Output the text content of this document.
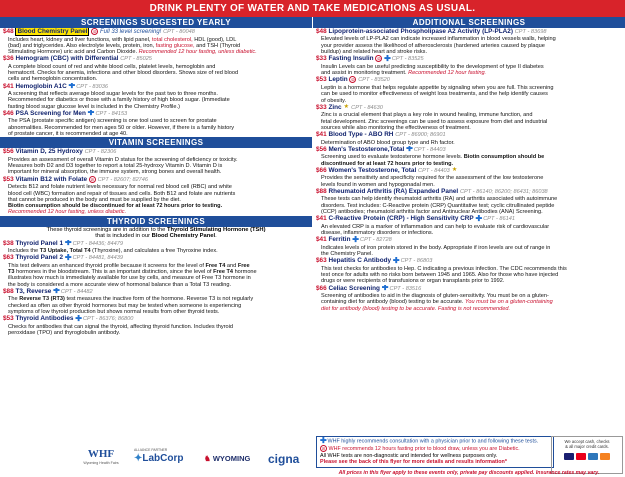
DRINK PLENTY OF WATER AND TAKE MEDICATIONS AS USUAL.
SCREENINGS SUGGESTED YEARLY
$48 Blood Chemistry Panel ⊘ Full 33 level screening! CPT - 80048
Includes heart, kidney and liver functions, with lipid panel, total cholesterol, HDL (good), LDL
(bad) and triglycerides. Also electrolyte levels, protein, iron, fasting glucose, and TSH (Thyroid
Stimulating Hormone) uric acid and Carbon Dioxide. Recommended 12 hour fasting, unless diabetic.
$36 Hemogram (CBC) with Differential CPT - 85025
A complete blood count of red and white blood cells, platelet levels, hemoglobin and
hematocrit. Checks for anemia, infections and other blood disorders. Shows size of red blood
cells and hemoglobin concentration.
$41 Hemoglobin A1C ✚ CPT - 83036
A screening that reflects average blood sugar levels for the past two to three months.
Recommended for diabetics or those with a family history of high blood sugar. (Immediate
fasting blood sugar glucose level is included in the Chemistry Profile.)
$46 PSA Screening for Men ✚ CPT - 84153
The PSA (prostate specific antigen) screening is one tool used to screen for prostate
abnormalities. Recommended for men ages 50 or older. However, if there is a family history
of prostate cancer, it is recommended at age 40.
VITAMIN SCREENINGS
$56 Vitamin D, 25 Hydroxy CPT - 82306
Provides an assessment of overall Vitamin D status for the screening of deficiency or toxicity.
Measures both D2 and D3 together to report a total 25-hydroxy Vitamin D. Vitamin D is
important for mineral absorption, the immune system, strong bones and overall health.
$53 Vitamin B12 with Folate ⊘ CPT - 82607; 82746
Detects B12 and folate nutrient levels necessary for normal red blood cell (RBC) and white
blood cell (WBC) formation and repair of tissues and cells. Both B12 and folate are nutrients
that cannot be produced in the body and must be supplied by the diet.
Biotin consumption should be discontinued for at least 72 hours prior to testing.
Recommended 12 hour fasting, unless diabetic.
THYROID SCREENINGS
These thyroid screenings are in addition to the Thyroid Stimulating Hormone (TSH)
that is included in our Blood Chemistry Panel.
$38 Thyroid Panel 1 ✚ CPT - 84436; 84479
Includes the T3 Uptake, Total T4 (Thyroxine), and calculates a free Thyroxine index.
$63 Thyroid Panel 2 ✚ CPT - 84481, 84439
This test delivers an enhanced thyroid profile because it screens for the level of Free T4 and Free
T3 hormones in the bloodstream. This is an important distinction, since the level of Free T4 hormone
illustrates how much is immediately available for use by cells, and measure of Free T3 hormone in
the body is considered a more accurate view of hormonal balance than a Total T3 reading.
$88 T3, Reverse ✚ CPT - 84482
The Reverse T3 (RT3) test measures the inactive form of the hormone. Reverse T3 is not regularly
checked as often as other thyroid hormones but may be tested when someone is experiencing
symptoms of low thyroid production but shows normal results from other thyroid tests.
$53 Thyroid Antibodies ✚ CPT - 86376; 86800
Checks for antibodies that can signal the thyroid, affecting thyroid function. Includes thyroid
peroxidase (TPO) and thyroglobulin antibody.
WHF
Wyoming Health Fairs
ALLIANCE PARTNER
✦LabCorp	♞ WYOMING	cigna
ADDITIONAL SCREENINGS
$48 Lipoprotein-associated Phospholipase A2 Activity (LP-PLA2) CPT - 83698
Elevated levels of LP-PLA2 can indicate increased inflammation in blood vessels walls, helping
your provider assess the likelihood of atherosclerosis (hardened arteries caused by plaque
buildup) and related heart and stroke risks.
$33 Fasting Insulin ⊘ ✚ CPT - 83525
Insulin Levels can be useful predicting susceptibility to the development of type II diabetes
and assist in monitoring treatment. Recommended 12 hour fasting.
$53 Leptin ⊘ CPT - 83520
Leptin is a hormone that helps regulate appetite by signaling when you are full. This screening
can be used to monitor effectiveness of weight loss treatments, and the help identify causes
of obesity.
$33 Zinc ★ CPT - 84630
Zinc is a crucial element that plays a key role in wound healing, immune function, and
fetal development. Zinc screenings can be used to assess exposure from diet and industrial
sources while also monitoring the effectiveness of treatment.
$41 Blood Type - ABO RH CPT - 86900; 86901
Determination of ABO blood group type and Rh factor.
$56 Men's Testosterone,Total ✚ CPT - 84403
Screening used to evaluate testosterone hormone levels. Biotin consumption should be
discontinued for at least 72 hours prior to testing.
$66 Women's Testosterone, Total CPT - 84403 ★
Provides the sensitivity and specificity required for the assessment of the low testosterone
levels found in women and hypogonadal men.
$88 Rheumatoid Arthritis (RA) Expanded Panel CPT - 86140; 86200; 86431; 86038
These tests can help identify rheumatoid arthritis (RA) and arthritis associated with autoimmune
disorders. Test includes: C-Reactive protein (CRP) Quantitative test; cyclic citrullinated peptide
(CCP) antibodies; rheumatoid arthritis factor and Antinuclear Antibodies (ANA) Screening.
$41 C-Reactive Protein (CRP) - High Sensitivity CRP ✚ CPT - 86141
An elevated CRP is a marker of inflammation and can help to evaluate risk of cardiovascular
disease, inflammatory disorders or infections.
$41 Ferritin ✚ CPT - 82728
Indicates levels of iron protein stored in the body. Appropriate if iron levels are out of range in
the Chemistry Panel.
$63 Hepatitis C Antibody ✚ CPT - 86803
This test checks for antibodies to Hep. C indicating a previous infection. The CDC recommends this
test once for adults with no risks born between 1945 and 1965. Also for those who have injected
drugs or were recipients of transfusions or organ transplants prior to 1992.
$66 Celiac Screening ✚ CPT - 83516
Screening of antibodies to aid in the diagnosis of gluten-sensitivity. You must be on a gluten-
containing diet for antibody (blood) testing to be accurate. You must be on a gluten-containing
diet for antibody (blood) testing to be accurate. Fasting is not recommended.
✚ WHF highly recommends consultation with a physician prior to and following these tests.
⊘ WHF recommends 12 hours fasting prior to blood draw, unless you are Diabetic.
All WHF tests are non-diagnostic and intended for wellness purposes only.
Please see the back of this flyer for more details and results information*
We accept cash, checks
& all major credit cards.
All prices in this flyer apply to these events only, private pay discounts applied. Insurance rates may vary.
